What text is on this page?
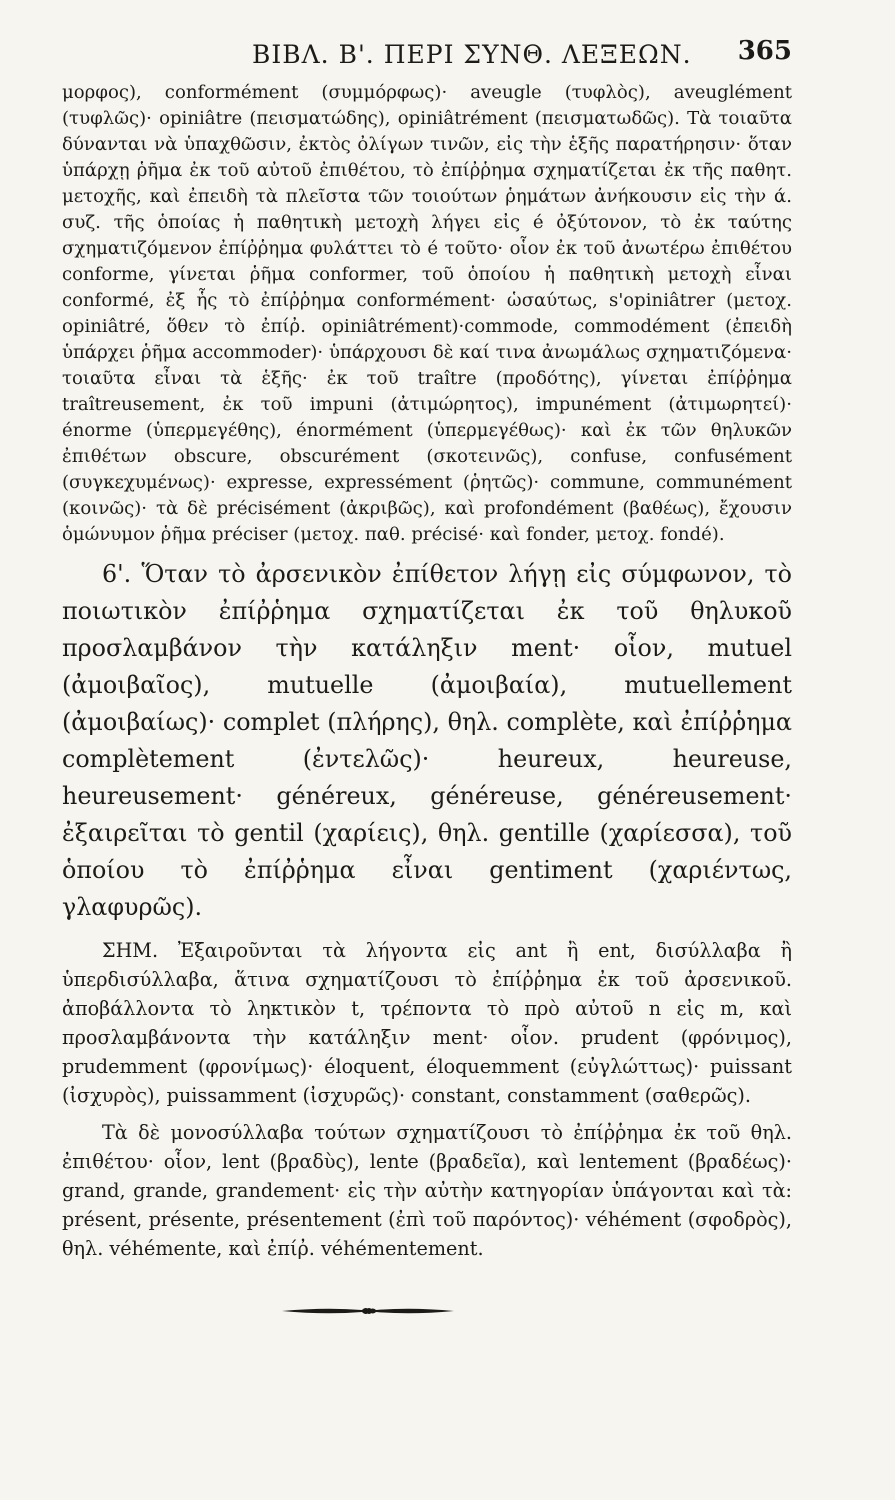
ΒΙΒΛ. Β'. ΠΕΡΙ ΣΥΝΘ. ΛΕΞΕΩΝ. 365

μορφος), conformément (συμμόρφως)· aveugle (τυφλὸς), aveuglément (τυφλῶς)· opiniâtre (πεισματώδης), opiniâtrément (πεισματωδῶς). Τὰ τοιαῦτα δύνανται νὰ ὑπαχθῶσιν, ἐκτὸς ὀλίγων τινῶν, εἰς τὴν ἑξῆς παρατήρησιν· ὅταν ὑπάρχῃ ῥῆμα ἐκ τοῦ αὐτοῦ ἐπιθέτου, τὸ ἐπίῤῥημα σχηματίζεται ἐκ τῆς παθητ. μετοχῆς, καὶ ἐπειδὴ τὰ πλεῖστα τῶν τοιούτων ῥημάτων ἀνήκουσιν εἰς τὴν ά. συζ. τῆς ὁποίας ἡ παθητικὴ μετοχὴ λήγει εἰς é ὀξύτονον, τὸ ἐκ ταύτης σχηματιζόμενον ἐπίῤῥημα φυλάττει τὸ é τοῦτο· οἷον ἐκ τοῦ ἀνωτέρω ἐπιθέτου conforme, γίνεται ῥῆμα conformer, τοῦ ὁποίου ἡ παθητικὴ μετοχὴ εἶναι conformé, ἐξ ἧς τὸ ἐπίῤῥημα conformément· ὡσαύτως, s'opiniâtrer (μετοχ. opiniâtré, ὅθεν τὸ ἐπίῤ. opiniâtrément)·commode, commodément (ἐπειδὴ ὑπάρχει ῥῆμα accommoder)· ὑπάρχουσι δὲ καί τινα ἀνωμάλως σχηματιζόμενα· τοιαῦτα εἶναι τὰ ἑξῆς· ἐκ τοῦ traître (προδότης), γίνεται ἐπίῤῥημα traîtreusement, ἐκ τοῦ impuni (ἀτιμώρητος), impunément (ἀτιμωρητεί)· énorme (ὑπερμεγέθης), énormément (ὑπερμεγέθως)· καὶ ἐκ τῶν θηλυκῶν ἐπιθέτων obscure, obscurément (σκοτεινῶς), confuse, confusément (συγκεχυμένως)· expresse, expressément (ῥητῶς)· commune, communément (κοινῶς)· τὰ δὲ précisément (ἀκριβῶς), καὶ profondément (βαθέως), ἔχουσιν ὁμώνυμον ῥῆμα préciser (μετοχ. παθ. précisé· καὶ fonder, μετοχ. fondé).

6'. Ὅταν τὸ ἀρσενικὸν ἐπίθετον λήγῃ εἰς σύμφωνον, τὸ ποιωτικὸν ἐπίῤῥημα σχηματίζεται ἐκ τοῦ θηλυκοῦ προσλαμβάνον τὴν κατάληξιν ment· οἷον, mutuel (ἀμοιβαῖος), mutuelle (ἀμοιβαία), mutuellement (ἀμοιβαίως)· complet (πλήρης), θηλ. complète, καὶ ἐπίῤῥημα complètement (ἐντελῶς)· heureux, heureuse, heureusement· généreux, généreuse, généreusement· ἐξαιρεῖται τὸ gentil (χαρίεις), θηλ. gentille (χαρίεσσα), τοῦ ὁποίου τὸ ἐπίῤῥημα εἶναι gentiment (χαριέντως, γλαφυρῶς).

ΣΗΜ. Ἐξαιροῦνται τὰ λήγοντα εἰς ant ἢ ent, δισύλλαβα ἢ ὑπερδισύλλαβα, ἅτινα σχηματίζουσι τὸ ἐπίῤῥημα ἐκ τοῦ ἀρσενικοῦ. ἀποβάλλοντα τὸ ληκτικὸν t, τρέποντα τὸ πρὸ αὐτοῦ n εἰς m, καὶ προσλαμβάνοντα τὴν κατάληξιν ment· οἷον. prudent (φρόνιμος), prudemment (φρονίμως)· éloquent, éloquemment (εὐγλώττως)· puissant (ἰσχυρὸς), puissamment (ἰσχυρῶς)· constant, constamment (σαθερῶς).

Τὰ δὲ μονοσύλλαβα τούτων σχηματίζουσι τὸ ἐπίῤῥημα ἐκ τοῦ θηλ. ἐπιθέτου· οἷον, lent (βραδὺς), lente (βραδεῖα), καὶ lentement (βραδέως)· grand, grande, grandement· εἰς τὴν αὐτὴν κατηγορίαν ὑπάγονται καὶ τὰ: présent, présente, présentement (ἐπὶ τοῦ παρόντος)· véhément (σφοδρὸς), θηλ. véhémente, καὶ ἐπίῤ. véhémentement.
